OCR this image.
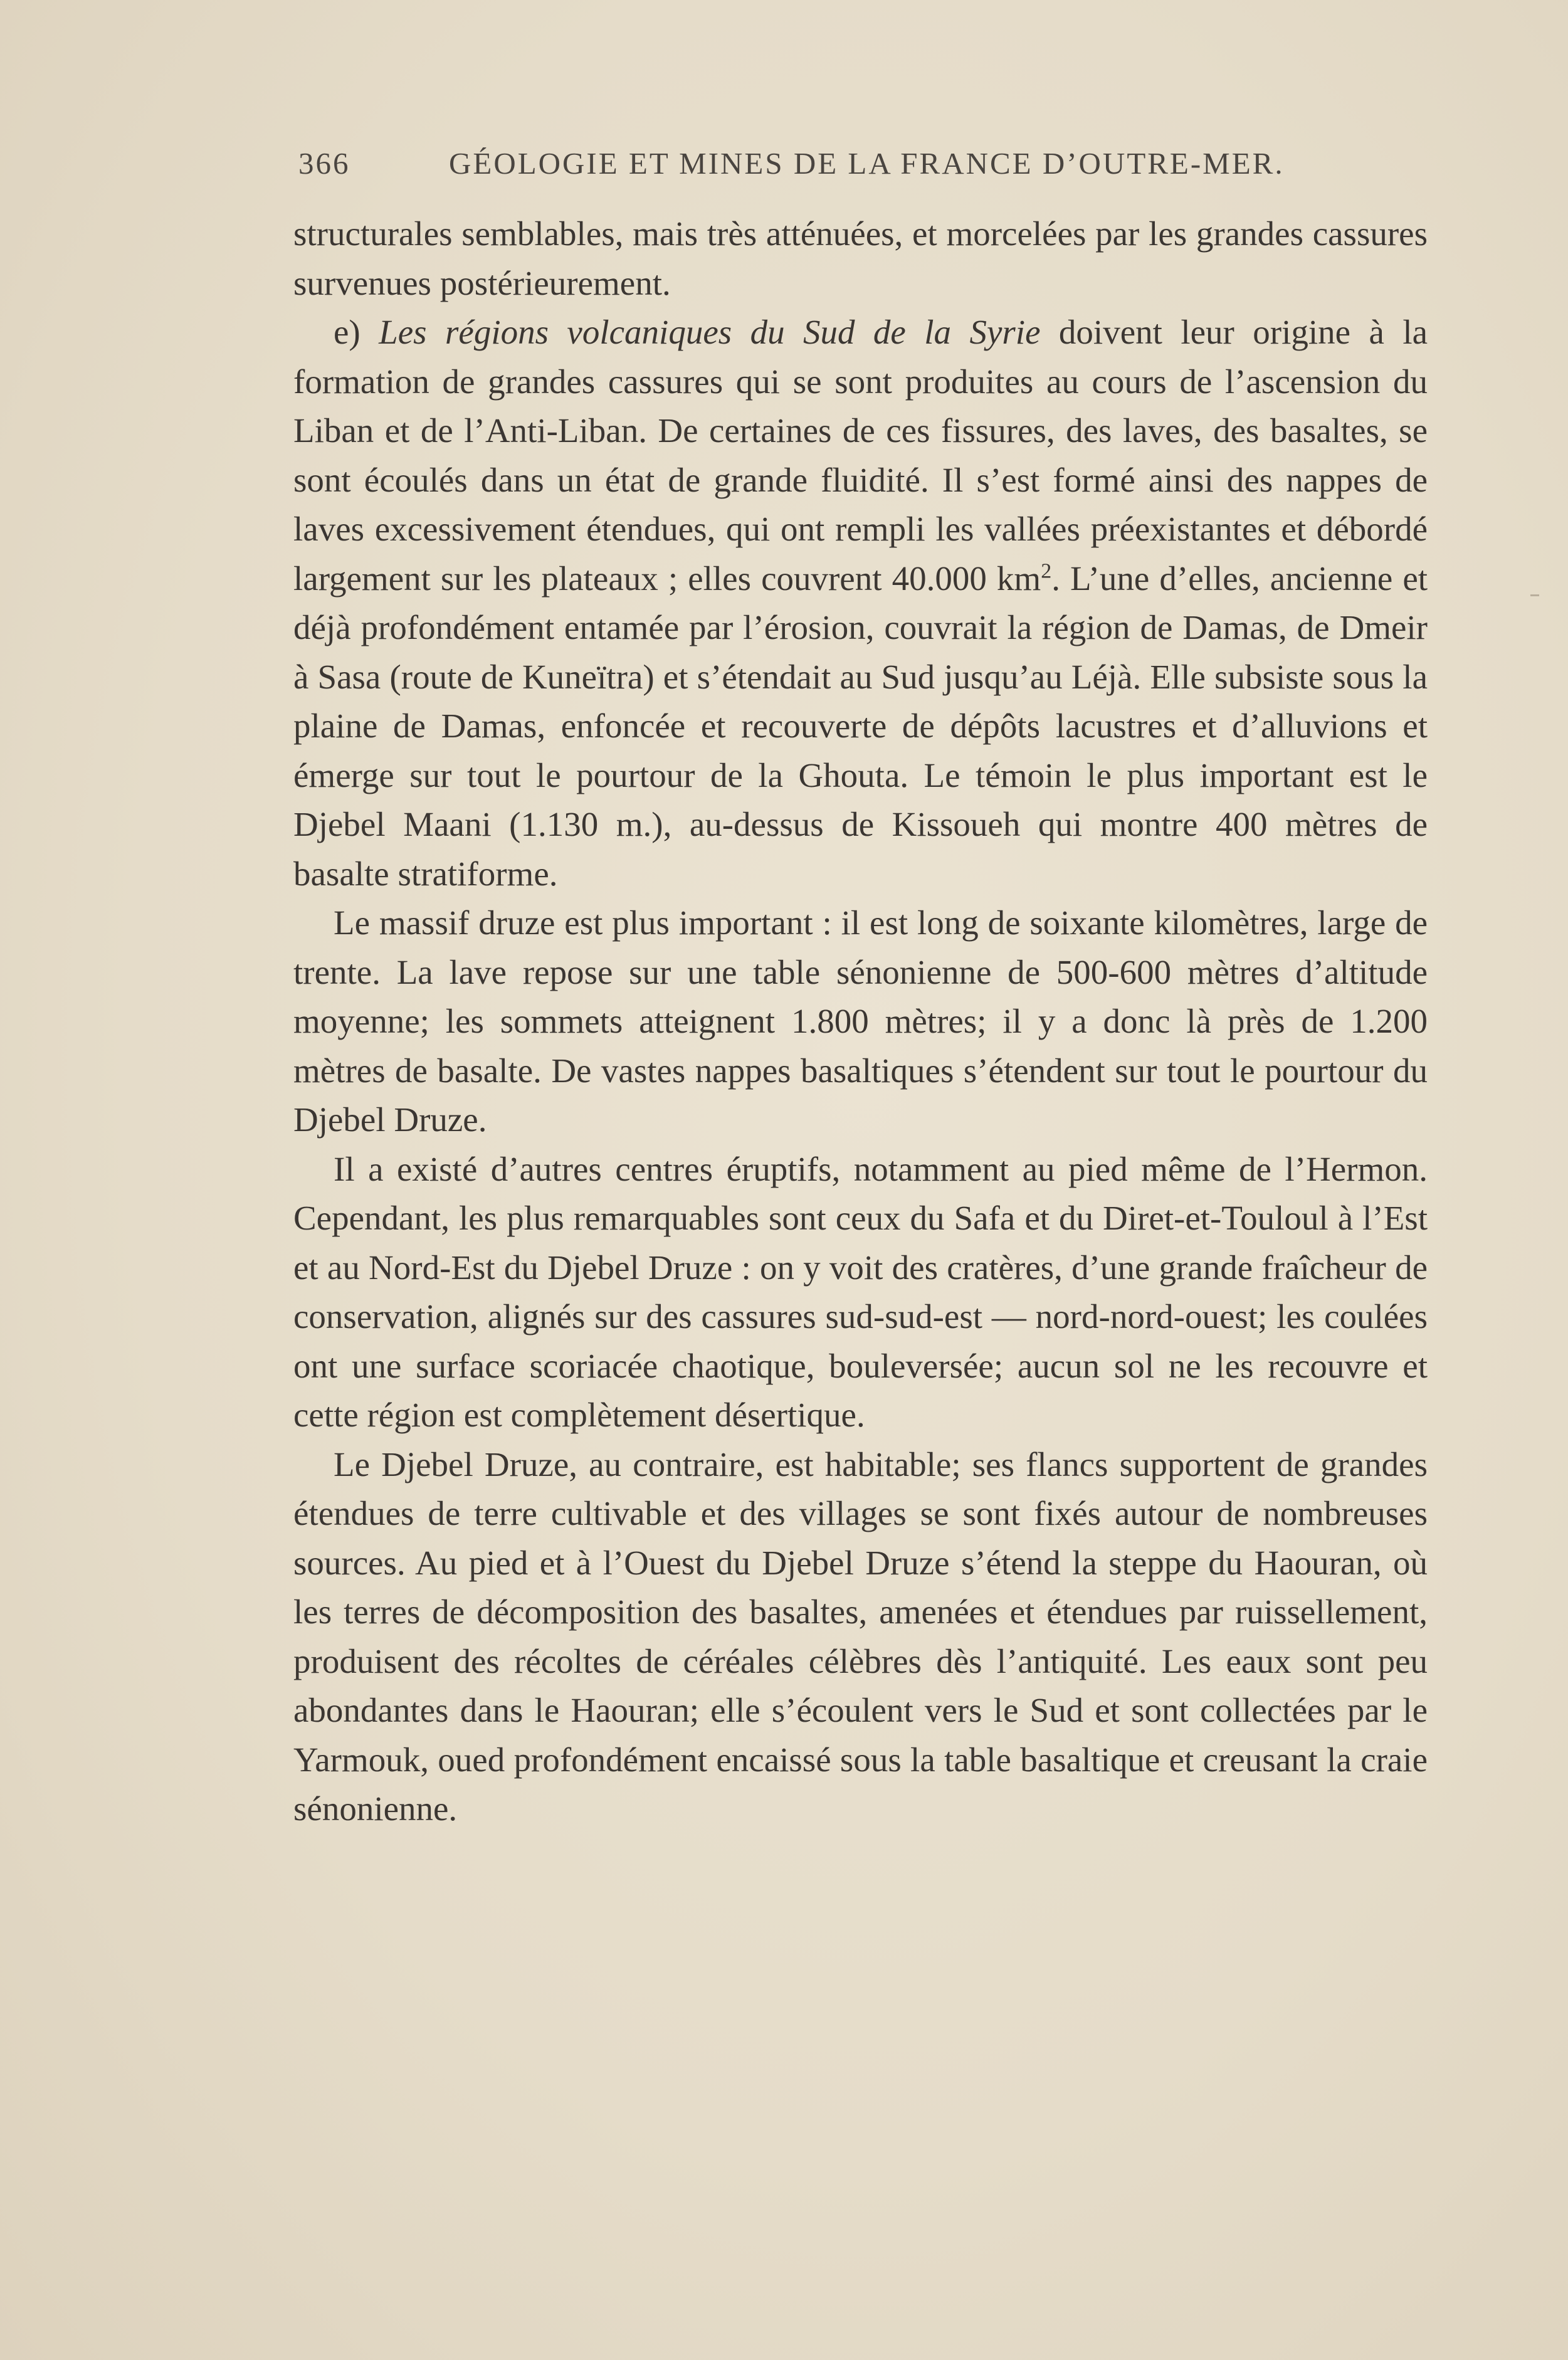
366	GÉOLOGIE ET MINES DE LA FRANCE D’OUTRE-MER.

structurales semblables, mais très atténuées, et morcelées par les grandes cassures survenues postérieurement.

e) Les régions volcaniques du Sud de la Syrie doivent leur origine à la formation de grandes cassures qui se sont produites au cours de l’ascension du Liban et de l’Anti-Liban. De certaines de ces fissures, des laves, des basaltes, se sont écoulés dans un état de grande fluidité. Il s’est formé ainsi des nappes de laves excessivement étendues, qui ont rempli les vallées préexistantes et débordé largement sur les plateaux ; elles couvrent 40.000 $km^2$. L’une d’elles, ancienne et déjà profondément entamée par l’érosion, couvrait la région de Damas, de Dmeir à Sasa (route de Kuneïtra) et s’étendait au Sud jusqu’au Léjà. Elle subsiste sous la plaine de Damas, enfoncée et recouverte de dépôts lacustres et d’alluvions et émerge sur tout le pourtour de la Ghouta. Le témoin le plus important est le Djebel Maani (1.130 m.), au-dessus de Kissoueh qui montre 400 mètres de basalte stratiforme.

Le massif druze est plus important : il est long de soixante kilomètres, large de trente. La lave repose sur une table sénonienne de 500-600 mètres d’altitude moyenne; les sommets atteignent 1.800 mètres; il y a donc là près de 1.200 mètres de basalte. De vastes nappes basaltiques s’étendent sur tout le pourtour du Djebel Druze.

Il a existé d’autres centres éruptifs, notamment au pied même de l’Hermon. Cependant, les plus remarquables sont ceux du Safa et du Diret-et-Touloul à l’Est et au Nord-Est du Djebel Druze : on y voit des cratères, d’une grande fraîcheur de conservation, alignés sur des cassures sud-sud-est — nord-nord-ouest; les coulées ont une surface scoriacée chaotique, bouleversée; aucun sol ne les recouvre et cette région est complètement désertique.

Le Djebel Druze, au contraire, est habitable; ses flancs supportent de grandes étendues de terre cultivable et des villages se sont fixés autour de nombreuses sources. Au pied et à l’Ouest du Djebel Druze s’étend la steppe du Haouran, où les terres de décomposition des basaltes, amenées et étendues par ruissellement, produisent des récoltes de céréales célèbres dès l’antiquité. Les eaux sont peu abondantes dans le Haouran; elle s’écoulent vers le Sud et sont collectées par le Yarmouk, oued profondément encaissé sous la table basaltique et creusant la craie sénonienne.
